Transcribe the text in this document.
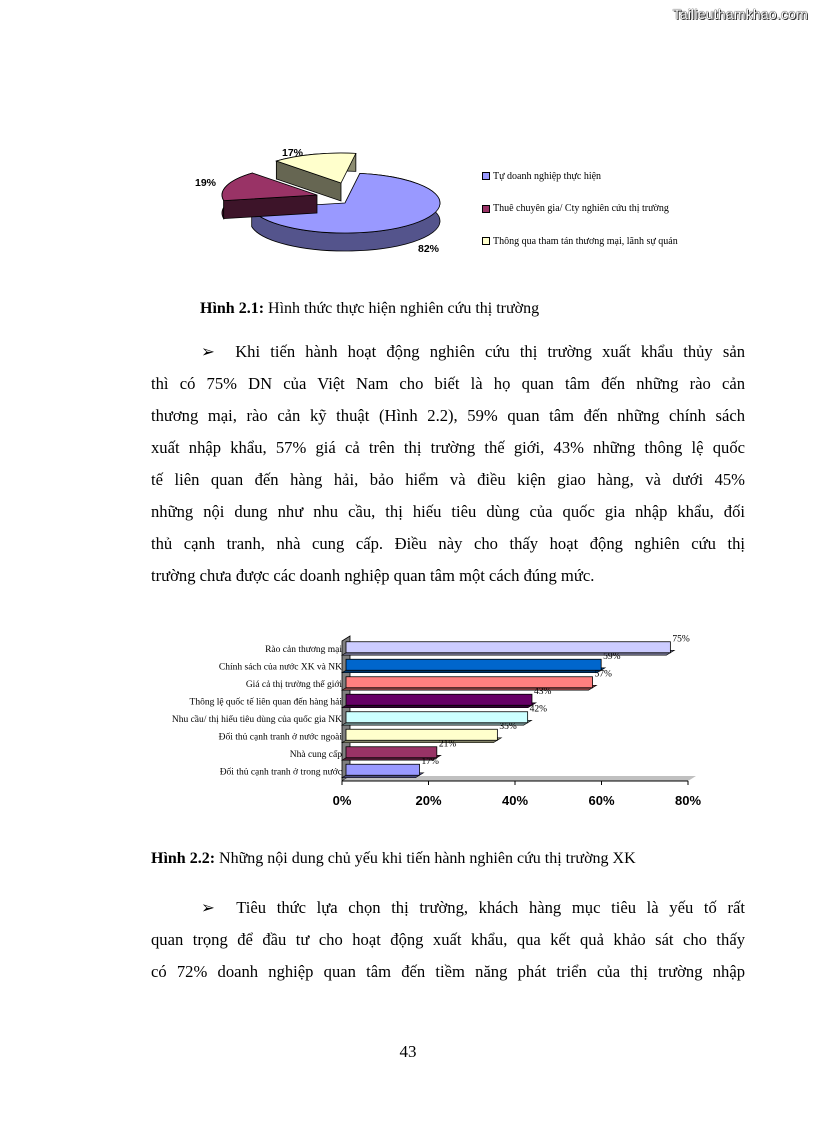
Tailieuthamkhao.com
82%
19%
17%
Tự doanh nghiệp thực hiện
Thuê chuyên gia/ Cty nghiên cứu thị trường
Thông qua tham tán thương mại, lãnh sự quán
Hình 2.1: Hình thức thực hiện nghiên cứu thị trường
➢ Khi tiến hành hoạt động nghiên cứu thị trường xuất khẩu thủy sản
thì có 75% DN của Việt Nam cho biết là họ quan tâm đến những rào cản
thương mại, rào cản kỹ thuật (Hình 2.2), 59% quan tâm đến những chính sách
xuất nhập khẩu, 57% giá cả trên thị trường thế giới, 43% những thông lệ quốc
tế liên quan đến hàng hải, bảo hiểm và điều kiện giao hàng, và dưới 45%
những nội dung như nhu cầu, thị hiếu tiêu dùng của quốc gia nhập khẩu, đối
thủ cạnh tranh, nhà cung cấp. Điều này cho thấy hoạt động nghiên cứu thị
trường chưa được các doanh nghiệp quan tâm một cách đúng mức.
Rào cản thương mại
75%
Chính sách của nước XK và NK
59%
Giá cả thị trường thế giới
57%
Thông lệ quốc tế liên quan đến hàng hải
43%
Nhu cầu/ thị hiếu tiêu dùng của quốc gia NK
42%
Đối thủ cạnh tranh ở nước ngoài
35%
Nhà cung cấp
21%
Đối thủ cạnh tranh ở trong nước
17%
0%	20%	40%	60%	80%
Hình 2.2: Những nội dung chủ yếu khi tiến hành nghiên cứu thị trường XK
➢ Tiêu thức lựa chọn thị trường, khách hàng mục tiêu là yếu tố rất
quan trọng để đầu tư cho hoạt động xuất khẩu, qua kết quả khảo sát cho thấy
có 72% doanh nghiệp quan tâm đến tiềm năng phát triển của thị trường nhập
43
